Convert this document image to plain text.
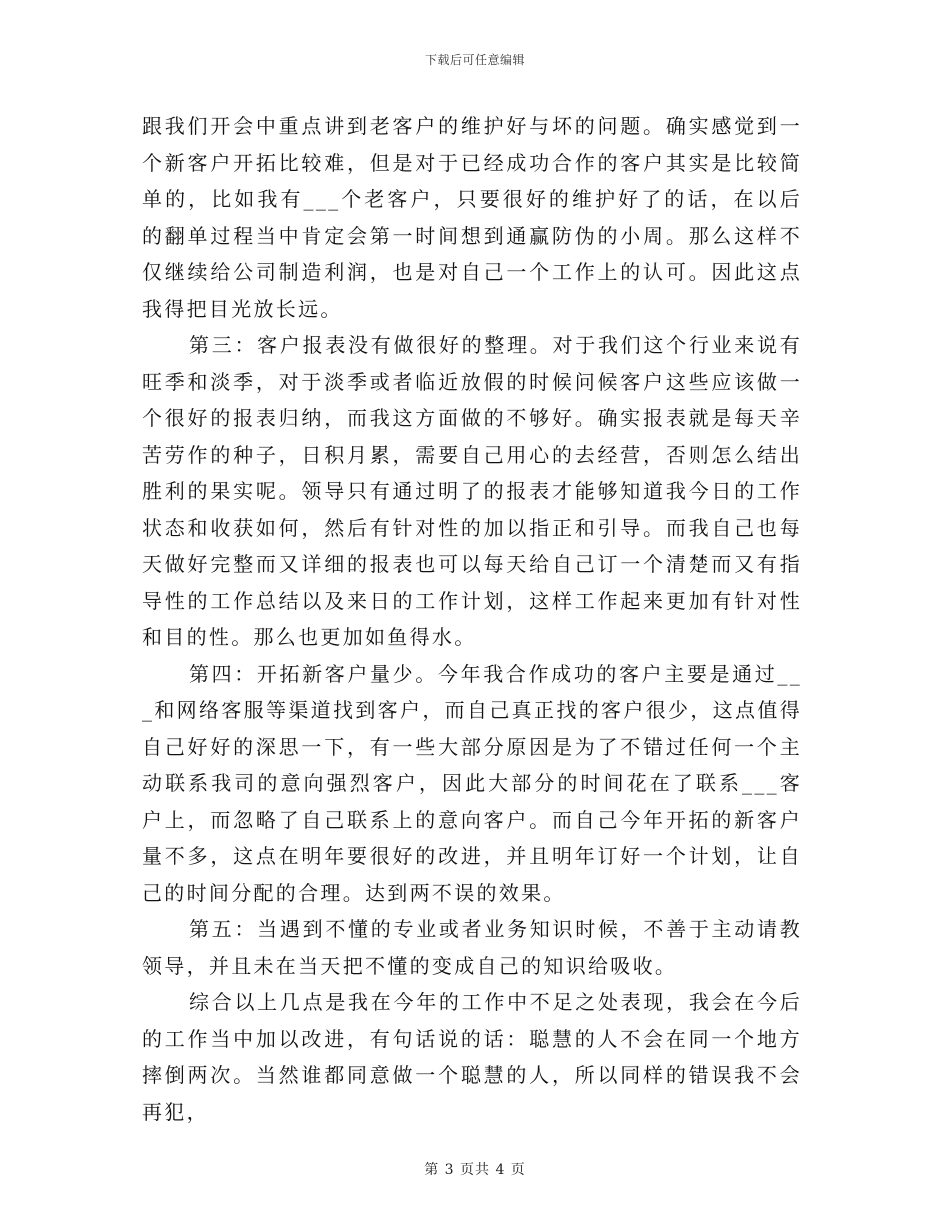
下载后可任意编辑

跟我们开会中重点讲到老客户的维护好与坏的问题。确实感觉到一个新客户开拓比较难，但是对于已经成功合作的客户其实是比较简单的，比如我有___个老客户，只要很好的维护好了的话，在以后的翻单过程当中肯定会第一时间想到通赢防伪的小周。那么这样不仅继续给公司制造利润，也是对自己一个工作上的认可。因此这点我得把目光放长远。

第三：客户报表没有做很好的整理。对于我们这个行业来说有旺季和淡季，对于淡季或者临近放假的时候问候客户这些应该做一个很好的报表归纳，而我这方面做的不够好。确实报表就是每天辛苦劳作的种子，日积月累，需要自己用心的去经营，否则怎么结出胜利的果实呢。领导只有通过明了的报表才能够知道我今日的工作状态和收获如何，然后有针对性的加以指正和引导。而我自己也每天做好完整而又详细的报表也可以每天给自己订一个清楚而又有指导性的工作总结以及来日的工作计划，这样工作起来更加有针对性和目的性。那么也更加如鱼得水。

第四：开拓新客户量少。今年我合作成功的客户主要是通过___和网络客服等渠道找到客户，而自己真正找的客户很少，这点值得自己好好的深思一下，有一些大部分原因是为了不错过任何一个主动联系我司的意向强烈客户，因此大部分的时间花在了联系___客户上，而忽略了自己联系上的意向客户。而自己今年开拓的新客户量不多，这点在明年要很好的改进，并且明年订好一个计划，让自己的时间分配的合理。达到两不误的效果。

第五：当遇到不懂的专业或者业务知识时候，不善于主动请教领导，并且未在当天把不懂的变成自己的知识给吸收。

综合以上几点是我在今年的工作中不足之处表现，我会在今后的工作当中加以改进，有句话说的话：聪慧的人不会在同一个地方摔倒两次。当然谁都同意做一个聪慧的人，所以同样的错误我不会再犯，

第 3 页共 4 页
